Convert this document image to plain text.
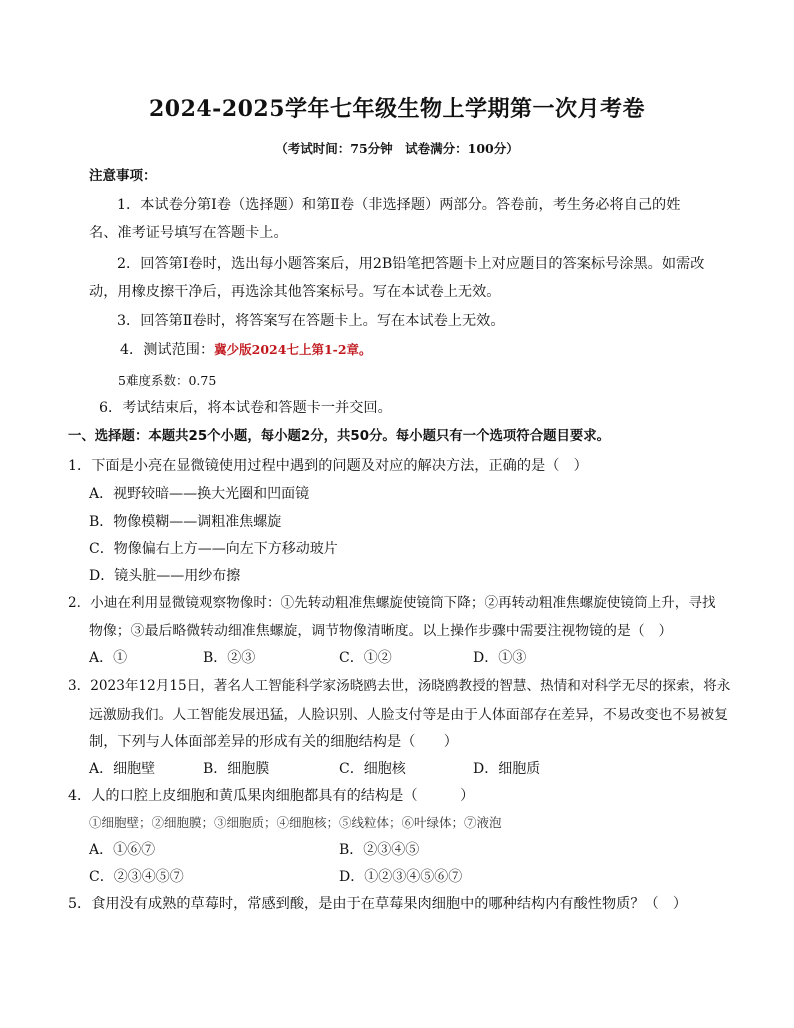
2024-2025学年七年级生物上学期第一次月考卷
（考试时间：75分钟　试卷满分：100分）
注意事项：
1．本试卷分第Ⅰ卷（选择题）和第Ⅱ卷（非选择题）两部分。答卷前，考生务必将自己的姓
名、准考证号填写在答题卡上。
2．回答第Ⅰ卷时，选出每小题答案后，用2B铅笔把答题卡上对应题目的答案标号涂黑。如需改
动，用橡皮擦干净后，再选涂其他答案标号。写在本试卷上无效。
3．回答第Ⅱ卷时，将答案写在答题卡上。写在本试卷上无效。
4．测试范围：冀少版2024七上第1-2章。
5难度系数：0.75
6．考试结束后，将本试卷和答题卡一并交回。
一、选择题：本题共25个小题，每小题2分，共50分。每小题只有一个选项符合题目要求。
1．下面是小亮在显微镜使用过程中遇到的问题及对应的解决方法，正确的是（　）
A．视野较暗——换大光圈和凹面镜
B．物像模糊——调粗准焦螺旋
C．物像偏右上方——向左下方移动玻片
D．镜头脏——用纱布擦
2．小迪在利用显微镜观察物像时：①先转动粗准焦螺旋使镜筒下降；②再转动粗准焦螺旋使镜筒上升，寻找
物像；③最后略微转动细准焦螺旋，调节物像清晰度。以上操作步骤中需要注视物镜的是（　）
A．①	B．②③	C．①②	D．①③
3．2023年12月15日，著名人工智能科学家汤晓鸥去世，汤晓鸥教授的智慧、热情和对科学无尽的探索，将永
远激励我们。人工智能发展迅猛，人脸识别、人脸支付等是由于人体面部存在差异，不易改变也不易被复
制，下列与人体面部差异的形成有关的细胞结构是（　　）
A．细胞壁	B．细胞膜	C．细胞核	D．细胞质
4．人的口腔上皮细胞和黄瓜果肉细胞都具有的结构是（　　　）
①细胞壁；②细胞膜；③细胞质；④细胞核；⑤线粒体；⑥叶绿体；⑦液泡
A．①⑥⑦	B．②③④⑤
C．②③④⑤⑦	D．①②③④⑤⑥⑦
5．食用没有成熟的草莓时，常感到酸，是由于在草莓果肉细胞中的哪种结构内有酸性物质？（　）
